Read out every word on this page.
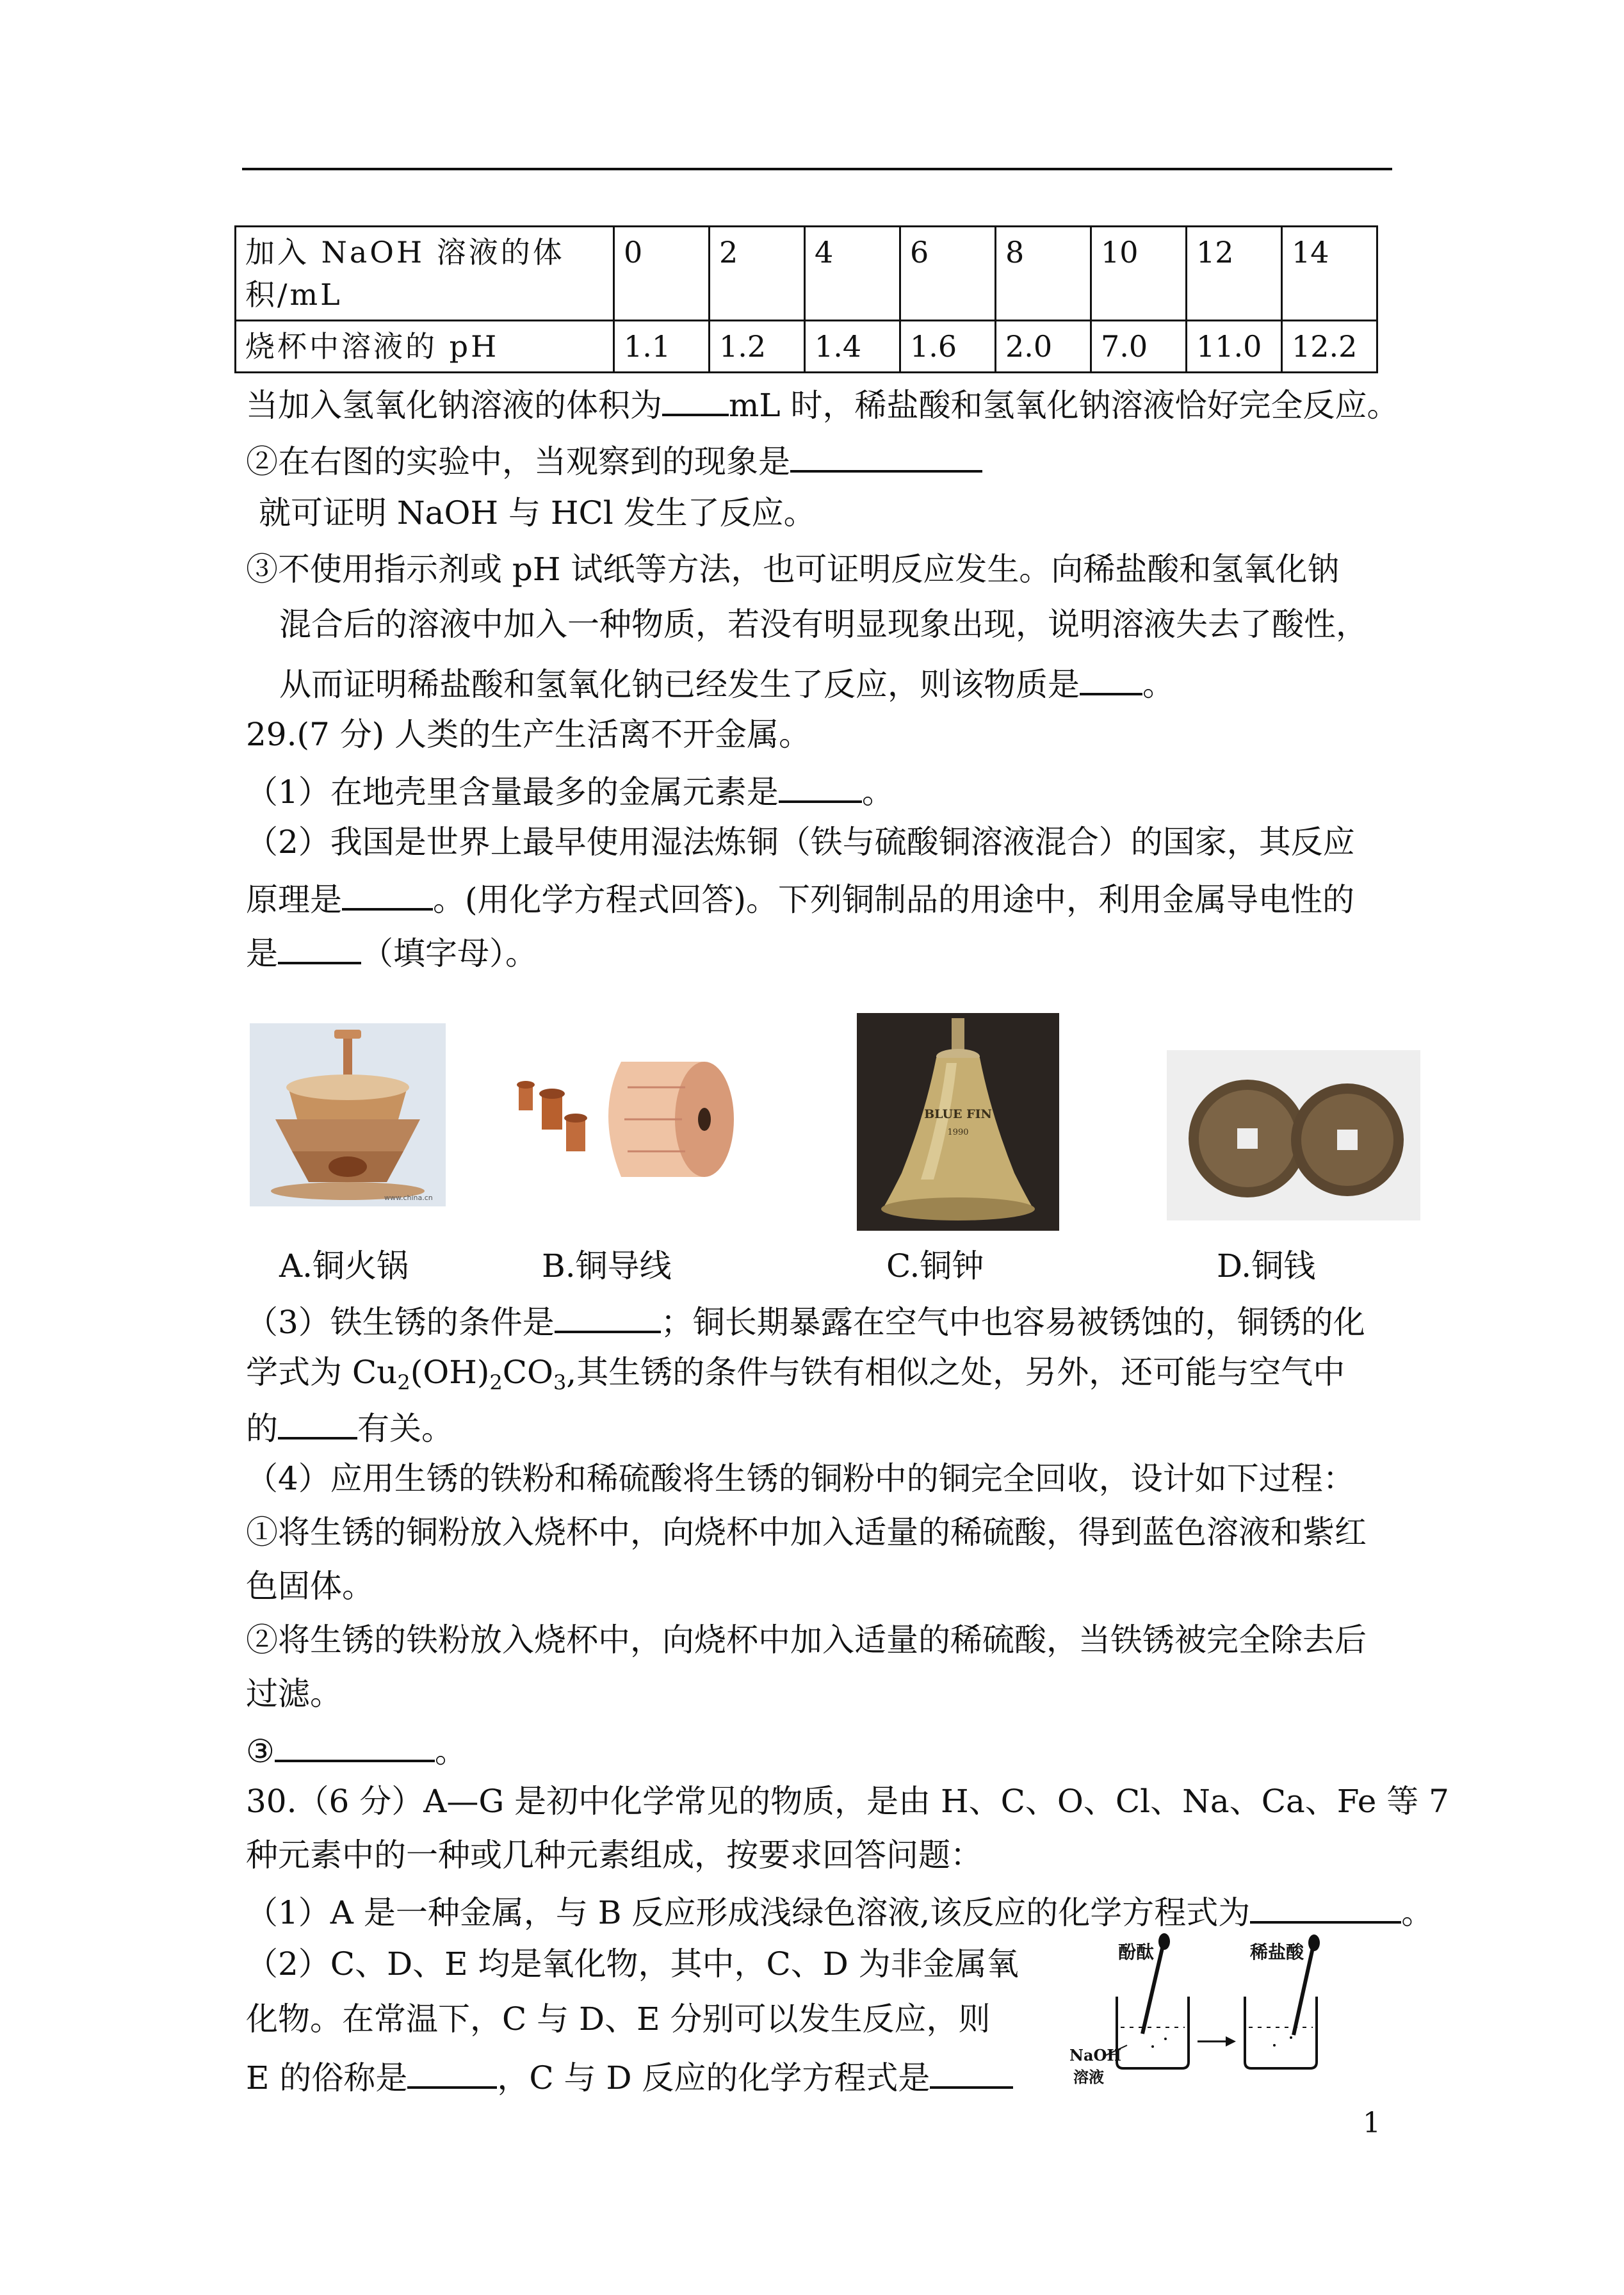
加入 NaOH 溶液的体积/mL	0	2	4	6	8	10	12	14
烧杯中溶液的 pH	1.1	1.2	1.4	1.6	2.0	7.0	11.0	12.2
当加入氢氧化钠溶液的体积为 mL 时，稀盐酸和氢氧化钠溶液恰好完全反应。
②在右图的实验中，当观察到的现象是
就可证明 NaOH 与 HCl 发生了反应。
③不使用指示剂或 pH 试纸等方法，也可证明反应发生。向稀盐酸和氢氧化钠
混合后的溶液中加入一种物质，若没有明显现象出现，说明溶液失去了酸性，
从而证明稀盐酸和氢氧化钠已经发生了反应，则该物质是 。
29.(7 分) 人类的生产生活离不开金属。
（1）在地壳里含量最多的金属元素是	。
（2）我国是世界上最早使用湿法炼铜（铁与硫酸铜溶液混合）的国家，其反应
原理是	。(用化学方程式回答)。下列铜制品的用途中，利用金属导电性的
是	（填字母）。
www.china.cn
BLUE FIN
1990
A.铜火锅	B.铜导线	C.铜钟	D.铜钱
（3）铁生锈的条件是	；铜长期暴露在空气中也容易被锈蚀的，铜锈的化
学式为 $Cu_2(OH)_2CO_3$,其生锈的条件与铁有相似之处，另外，还可能与空气中
的 有关。
（4）应用生锈的铁粉和稀硫酸将生锈的铜粉中的铜完全回收，设计如下过程：
①将生锈的铜粉放入烧杯中，向烧杯中加入适量的稀硫酸，得到蓝色溶液和紫红
色固体。
②将生锈的铁粉放入烧杯中，向烧杯中加入适量的稀硫酸，当铁锈被完全除去后
过滤。
③	。
30.（6 分）A—G 是初中化学常见的物质，是由 H、C、O、Cl、Na、Ca、Fe 等 7
种元素中的一种或几种元素组成，按要求回答问题：
（1）A 是一种金属，与 B 反应形成浅绿色溶液,该反应的化学方程式为	。
（2）C、D、E 均是氧化物，其中，C、D 为非金属氧
化物。在常温下，C 与 D、E 分别可以发生反应，则
E 的俗称是	，C 与 D 反应的化学方程式是
酚酞	稀盐酸
NaOH
溶液
1
